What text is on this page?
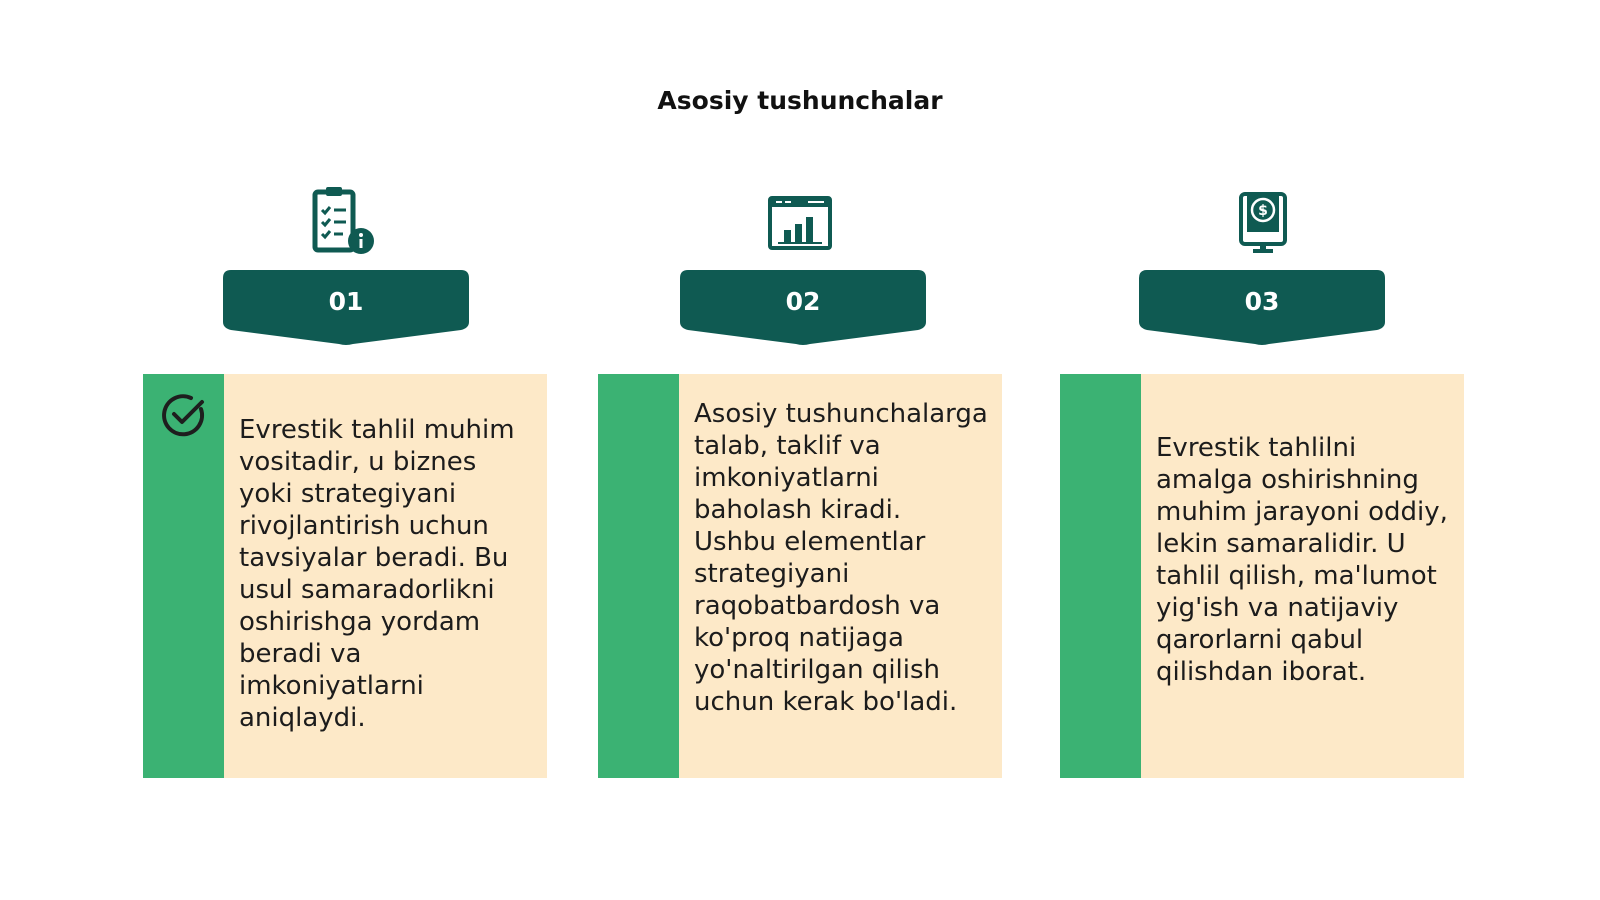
Asosiy tushunchalar
01
Evrestik tahlil muhim vositadir, u biznes yoki strategiyani rivojlantirish uchun tavsiyalar beradi. Bu usul samaradorlikni oshirishga yordam beradi va imkoniyatlarni aniqlaydi.
02
Asosiy tushunchalarga talab, taklif va imkoniyatlarni baholash kiradi. Ushbu elementlar strategiyani raqobatbardosh va ko'proq natijaga yo'naltirilgan qilish uchun kerak bo'ladi.
$
03
Evrestik tahlilni amalga oshirishning muhim jarayoni oddiy, lekin samaralidir. U tahlil qilish, ma'lumot yig'ish va natijaviy qarorlarni qabul qilishdan iborat.
